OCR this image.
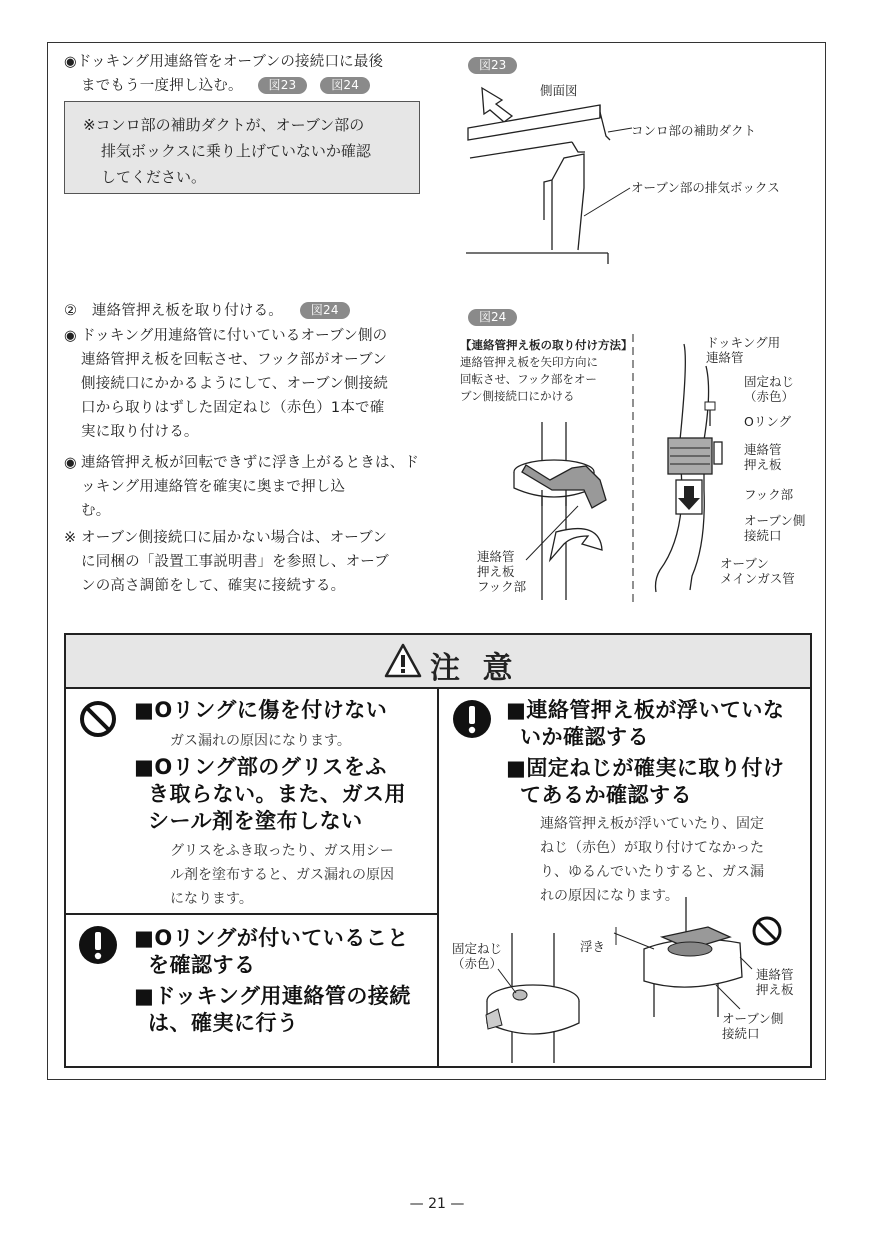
◉ドッキング用連絡管をオーブンの接続口に最後
までもう一度押し込む。 図23	図24
※コンロ部の補助ダクトが、オーブン部の
排気ボックスに乗り上げていないか確認
してください。
図23
側面図
コンロ部の補助ダクト
オーブン部の排気ボックス
②　連絡管押え板を取り付ける。 図24
◉ ドッキング用連絡管に付いているオーブン側の
連絡管押え板を回転させ、フック部がオーブン
側接続口にかかるようにして、オーブン側接続
口から取りはずした固定ねじ（赤色）1本で確
実に取り付ける。
◉ 連絡管押え板が回転できずに浮き上がるときは、ドッキング用連絡管を確実に奥まで押し込
む。
※ オーブン側接続口に届かない場合は、オーブン
に同梱の「設置工事説明書」を参照し、オーブ
ンの高さ調節をして、確実に接続する。
図24
【連絡管押え板の取り付け方法】
連絡管押え板を矢印方向に
回転させ、フック部をオー
ブン側接続口にかける
連絡管
押え板
フック部
ドッキング用
連絡管
固定ねじ
（赤色）
Oリング
連絡管
押え板
フック部
オーブン側
接続口
オーブン
メインガス管
注 意
■Oリングに傷を付けない
ガス漏れの原因になります。
■Oリング部のグリスをふ
き取らない。また、ガス用
シール剤を塗布しない
グリスをふき取ったり、ガス用シー
ル剤を塗布すると、ガス漏れの原因
になります。
■Oリングが付いていること
を確認する
■ドッキング用連絡管の接続
は、確実に行う
■連絡管押え板が浮いていな
いか確認する
■固定ねじが確実に取り付け
てあるか確認する
連絡管押え板が浮いていたり、固定
ねじ（赤色）が取り付けてなかった
り、ゆるんでいたりすると、ガス漏
れの原因になります。
固定ねじ
（赤色）
浮き
連絡管
押え板
オーブン側
接続口
— 21 —
